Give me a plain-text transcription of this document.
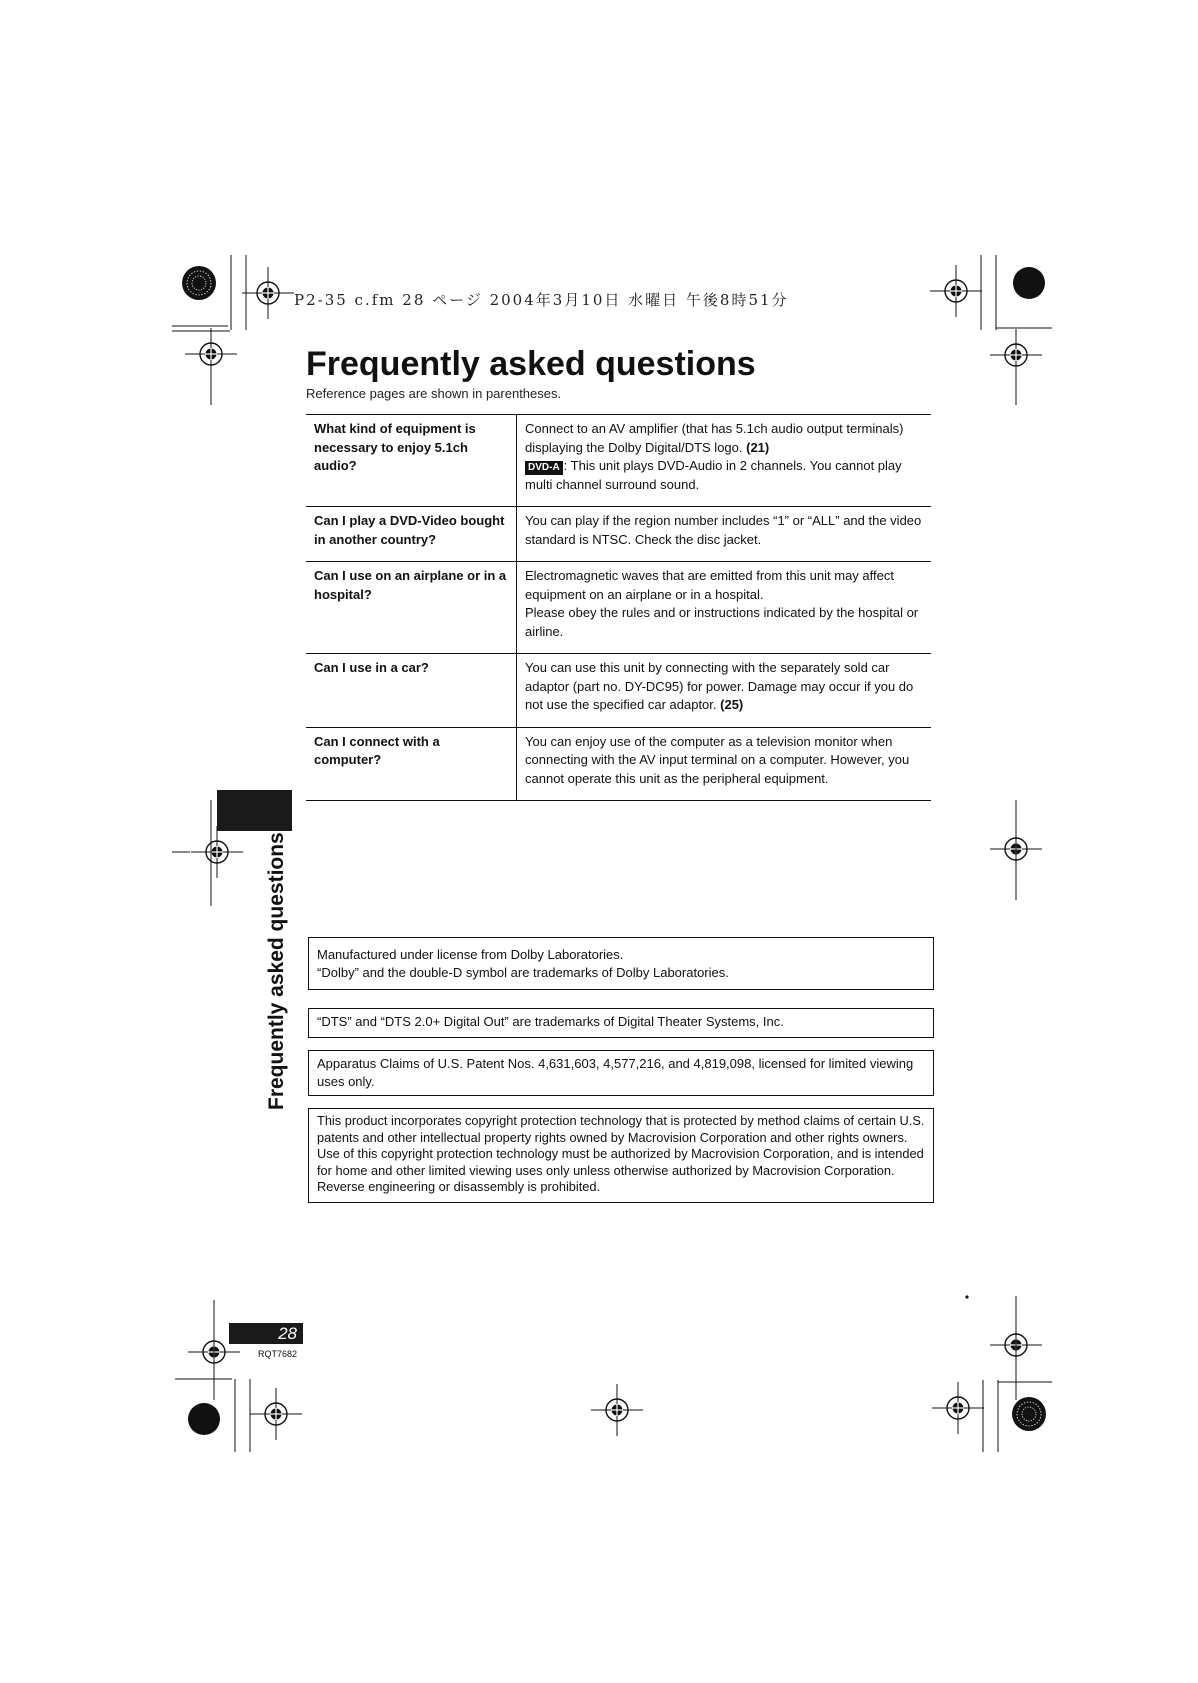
P2-35 c.fm 28 ページ 2004年3月10日 水曜日 午後8時51分
Frequently asked questions
Reference pages are shown in parentheses.
What kind of equipment is necessary to enjoy 5.1ch audio?	Connect to an AV amplifier (that has 5.1ch audio output terminals) displaying the Dolby Digital/DTS logo. (21)
DVD-A : This unit plays DVD-Audio in 2 channels. You cannot play multi channel surround sound.
Can I play a DVD-Video bought in another country?	You can play if the region number includes “1” or “ALL” and the video standard is NTSC. Check the disc jacket.
Can I use on an airplane or in a hospital?	Electromagnetic waves that are emitted from this unit may affect equipment on an airplane or in a hospital.
Please obey the rules and or instructions indicated by the hospital or airline.
Can I use in a car?	You can use this unit by connecting with the separately sold car adaptor (part no. DY-DC95) for power. Damage may occur if you do not use the specified car adaptor. (25)
Can I connect with a computer?	You can enjoy use of the computer as a television monitor when connecting with the AV input terminal on a computer. However, you cannot operate this unit as the peripheral equipment.
Frequently asked questions Manufactured under license from Dolby Laboratories.

“Dolby” and the double-D symbol are trademarks of Dolby Laboratories.

“DTS” and “DTS 2.0+ Digital Out” are trademarks of Digital Theater Systems, Inc.

Apparatus Claims of U.S. Patent Nos. 4,631,603, 4,577,216, and 4,819,098, licensed for limited viewing uses only.

This product incorporates copyright protection technology that is protected by method claims of certain U.S. patents and other intellectual property rights owned by Macrovision Corporation and other rights owners. Use of this copyright protection technology must be authorized by Macrovision Corporation, and is intended for home and other limited viewing uses only unless otherwise authorized by Macrovision Corporation. Reverse engineering or disassembly is prohibited.

28
RQT7682
